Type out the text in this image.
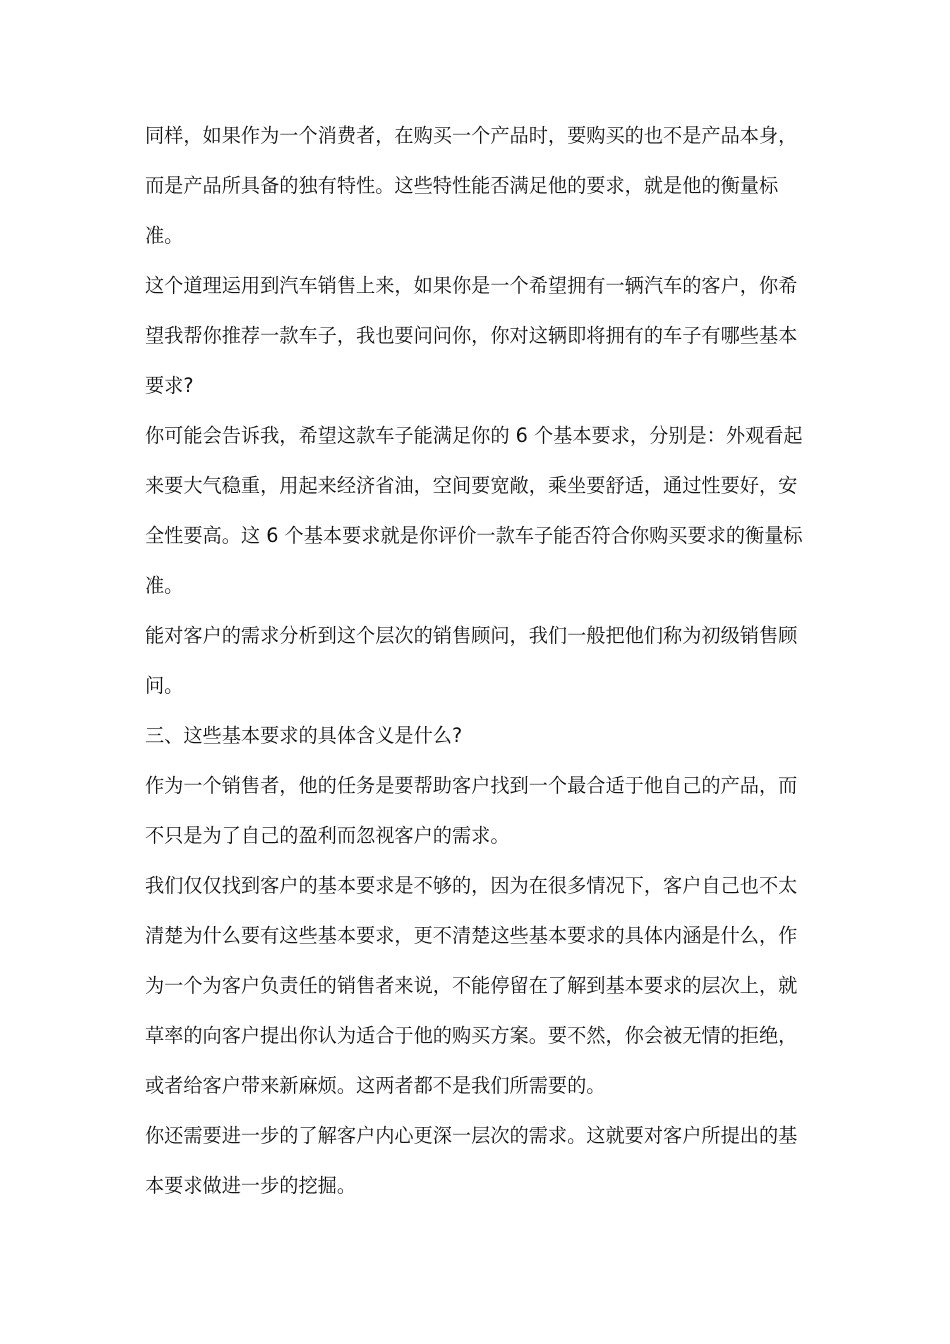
同样，如果作为一个消费者，在购买一个产品时，要购买的也不是产品本身，
而是产品所具备的独有特性。这些特性能否满足他的要求，就是他的衡量标
准。

这个道理运用到汽车销售上来，如果你是一个希望拥有一辆汽车的客户，你希
望我帮你推荐一款车子，我也要问问你，你对这辆即将拥有的车子有哪些基本
要求?

你可能会告诉我，希望这款车子能满足你的 6 个基本要求，分别是：外观看起
来要大气稳重，用起来经济省油，空间要宽敞，乘坐要舒适，通过性要好，安
全性要高。这 6 个基本要求就是你评价一款车子能否符合你购买要求的衡量标
准。

能对客户的需求分析到这个层次的销售顾问，我们一般把他们称为初级销售顾
问。

三、这些基本要求的具体含义是什么?

作为一个销售者，他的任务是要帮助客户找到一个最合适于他自己的产品，而
不只是为了自己的盈利而忽视客户的需求。

我们仅仅找到客户的基本要求是不够的，因为在很多情况下，客户自己也不太
清楚为什么要有这些基本要求，更不清楚这些基本要求的具体内涵是什么，作
为一个为客户负责任的销售者来说，不能停留在了解到基本要求的层次上，就
草率的向客户提出你认为适合于他的购买方案。要不然，你会被无情的拒绝，
或者给客户带来新麻烦。这两者都不是我们所需要的。

你还需要进一步的了解客户内心更深一层次的需求。这就要对客户所提出的基
本要求做进一步的挖掘。
